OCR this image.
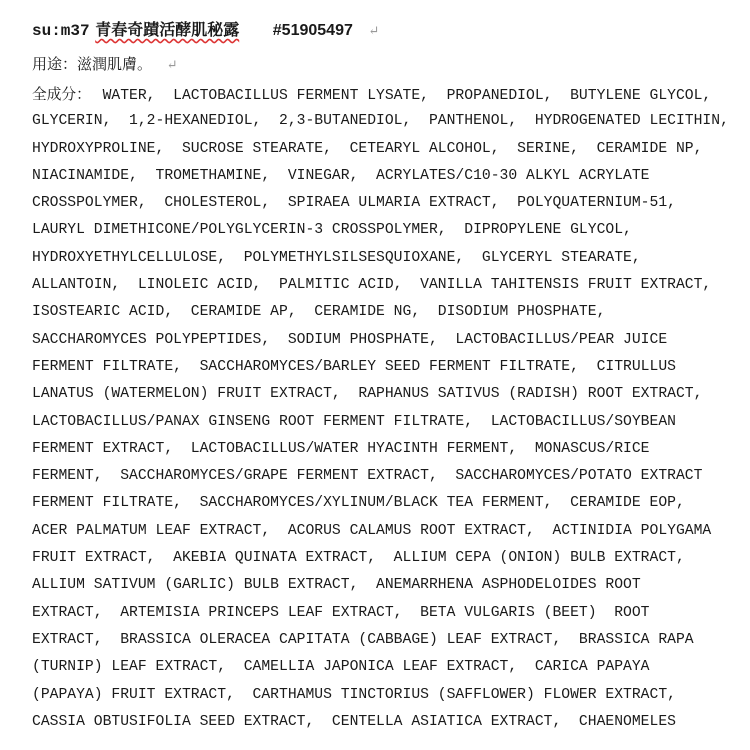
su:m37 青春奇蹟活酵肌秘露 #51905497 ↵
用途：滋潤肌膚。 ↵
全成分： WATER,  LACTOBACILLUS FERMENT LYSATE,  PROPANEDIOL,  BUTYLENE GLYCOL,
GLYCERIN,  1,2-HEXANEDIOL,  2,3-BUTANEDIOL,  PANTHENOL,  HYDROGENATED LECITHIN,
HYDROXYPROLINE,  SUCROSE STEARATE,  CETEARYL ALCOHOL,  SERINE,  CERAMIDE NP,
NIACINAMIDE,  TROMETHAMINE,  VINEGAR,  ACRYLATES/C10-30 ALKYL ACRYLATE
CROSSPOLYMER,  CHOLESTEROL,  SPIRAEA ULMARIA EXTRACT,  POLYQUATERNIUM-51,
LAURYL DIMETHICONE/POLYGLYCERIN-3 CROSSPOLYMER,  DIPROPYLENE GLYCOL,
HYDROXYETHYLCELLULOSE,  POLYMETHYLSILSESQUIOXANE,  GLYCERYL STEARATE,
ALLANTOIN,  LINOLEIC ACID,  PALMITIC ACID,  VANILLA TAHITENSIS FRUIT EXTRACT,
ISOSTEARIC ACID,  CERAMIDE AP,  CERAMIDE NG,  DISODIUM PHOSPHATE,
SACCHAROMYCES POLYPEPTIDES,  SODIUM PHOSPHATE,  LACTOBACILLUS/PEAR JUICE
FERMENT FILTRATE,  SACCHAROMYCES/BARLEY SEED FERMENT FILTRATE,  CITRULLUS
LANATUS (WATERMELON) FRUIT EXTRACT,  RAPHANUS SATIVUS (RADISH) ROOT EXTRACT,
LACTOBACILLUS/PANAX GINSENG ROOT FERMENT FILTRATE,  LACTOBACILLUS/SOYBEAN
FERMENT EXTRACT,  LACTOBACILLUS/WATER HYACINTH FERMENT,  MONASCUS/RICE
FERMENT,  SACCHAROMYCES/GRAPE FERMENT EXTRACT,  SACCHAROMYCES/POTATO EXTRACT
FERMENT FILTRATE,  SACCHAROMYCES/XYLINUM/BLACK TEA FERMENT,  CERAMIDE EOP,
ACER PALMATUM LEAF EXTRACT,  ACORUS CALAMUS ROOT EXTRACT,  ACTINIDIA POLYGAMA
FRUIT EXTRACT,  AKEBIA QUINATA EXTRACT,  ALLIUM CEPA (ONION) BULB EXTRACT,
ALLIUM SATIVUM (GARLIC) BULB EXTRACT,  ANEMARRHENA ASPHODELOIDES ROOT
EXTRACT,  ARTEMISIA PRINCEPS LEAF EXTRACT,  BETA VULGARIS (BEET)  ROOT
EXTRACT,  BRASSICA OLERACEA CAPITATA (CABBAGE) LEAF EXTRACT,  BRASSICA RAPA
(TURNIP) LEAF EXTRACT,  CAMELLIA JAPONICA LEAF EXTRACT,  CARICA PAPAYA
(PAPAYA) FRUIT EXTRACT,  CARTHAMUS TINCTORIUS (SAFFLOWER) FLOWER EXTRACT,
CASSIA OBTUSIFOLIA SEED EXTRACT,  CENTELLA ASIATICA EXTRACT,  CHAENOMELES
